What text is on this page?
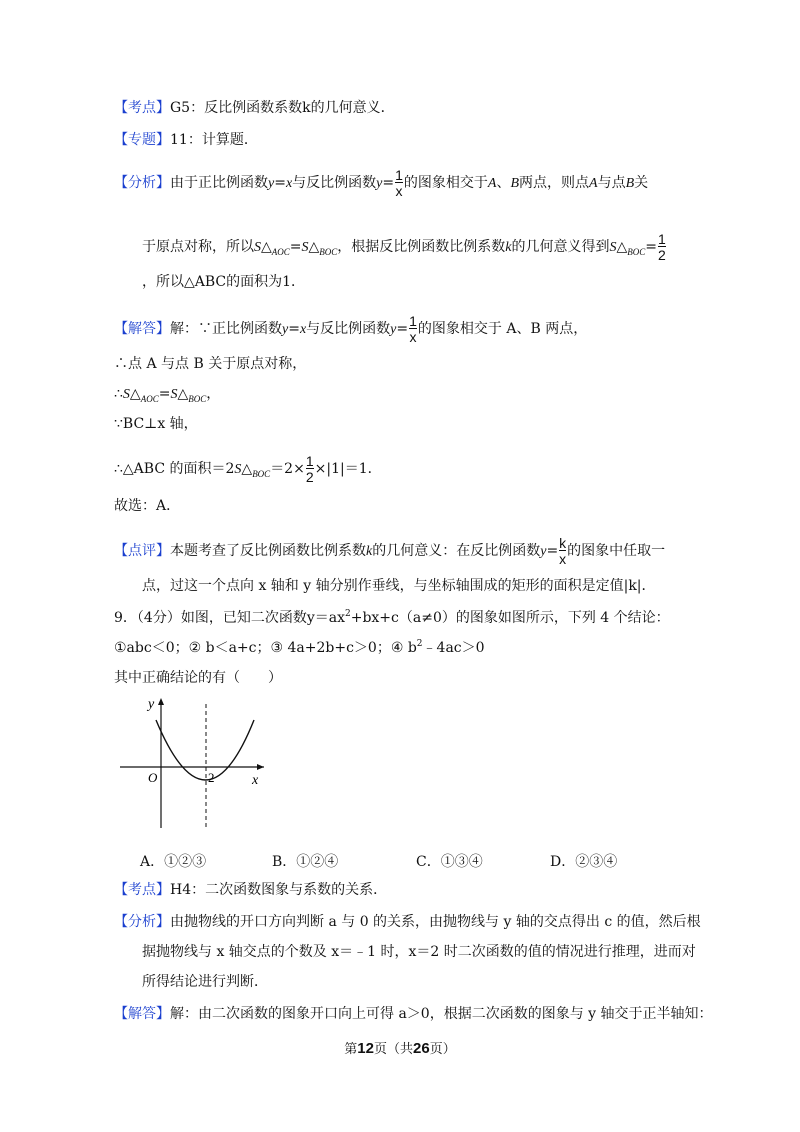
【考点】G5：反比例函数系数k的几何意义．
【专题】11：计算题．
【分析】由于正比例函数y=x与反比例函数$y= \frac{1}{x}$ 的图象相交于A、B两点，则点A与点B关
于原点对称，所以$S\triangle_{AOC}=S\triangle_{BOC}$，根据反比例函数比例系数k的几何意义得到$S\triangle_{BOC}= \frac{1}{2}$
，所以△ABC的面积为1．
【解答】解：∵正比例函数y=x与反比例函数$y= \frac{1}{x}$ 的图象相交于 A、B 两点，
∴点 A 与点 B 关于原点对称，
$\therefore S\triangle_{AOC}=S\triangle_{BOC}$，
∵BC⊥x 轴，
∴△ABC 的面积$=2S\triangle_{BOC}=2\times \frac{1}{2} \times|1|=1$．
故选：A．
【点评】本题考查了反比例函数比例系数k的几何意义：在反比例函数$y= \frac{k}{x}$ 的图象中任取一
点，过这一个点向 x 轴和 y 轴分别作垂线，与坐标轴围成的矩形的面积是定值|k|．
9．（4分）如图，已知二次函数$y=ax^2+bx+c(a\ne 0)$的图象如图所示，下列 4 个结论：
①abc＜0；② b＜a+c；③ 4a+2b+c＞0；④ $b^2﹣4ac>0$
其中正确结论的有（　　）
y
x
O	2
A．①②③	B．①②④	C．①③④	D．②③④
【考点】H4：二次函数图象与系数的关系．
【分析】由抛物线的开口方向判断 a 与 0 的关系，由抛物线与 y 轴的交点得出 c 的值，然后根
据抛物线与 x 轴交点的个数及 x＝﹣1 时，x＝2 时二次函数的值的情况进行推理，进而对
所得结论进行判断．
【解答】解：由二次函数的图象开口向上可得 a＞0，根据二次函数的图象与 y 轴交于正半轴知：
第12页（共26页）
